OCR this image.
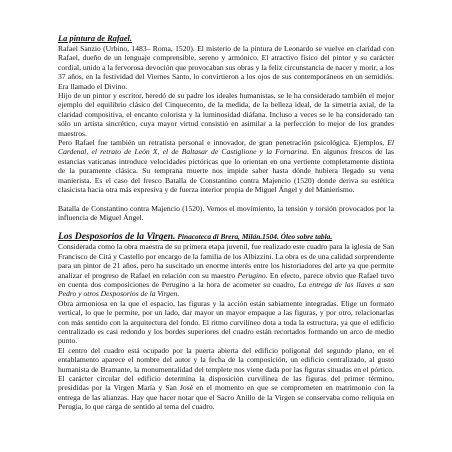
La pintura de Rafael.

Rafael Sanzio (Urbino, 1483– Roma, 1520). El misterio de la pintura de Leonardo se vuelve en claridad con Rafael, dueño de un lenguaje comprensible, sereno y armónico. El atractivo físico del pintor y su carácter cordial, unido a la fervorosa devoción que provocaban sus obras y la feliz circunstancia de nacer y morir, a los 37 años, en la festividad del Viernes Santo, lo convirtieron a los ojos de sus contemporáneos en un semidiós. Era llamado el Divino.

Hijo de un pintor y escritor, heredó de su padre los ideales humanistas, se le ha considerado también el mejor ejemplo del equilibrio clásico del Cinquecento, de la medida, de la belleza ideal, de la simetría axial, de la claridad compositiva, el encanto colorista y la luminosidad diáfana. Incluso a veces se le ha considerado tan sólo un artista sincrético, cuya mayor virtud consistió en asimilar a la perfección lo mejor de los grandes maestros.

Pero Rafael fue también un retratista personal e innovador, de gran penetración psicológica. Ejemplos, El Cardenal, el retrato de León X, el de Baltasar de Castiglione y la Fornarina. En algunos frescos de las estancias vaticanas introduce velocidades pictóricas que lo orientan en una vertiente completamente distinta de la puramente clásica. Su temprana muerte nos impide saber hasta dónde hubiera llegado su vena manierista. Es el caso del fresco Batalla de Constantino contra Majencio (1520) donde deriva su estética clasicista hacia otra más expresiva y de fuerza interior propia de Miguel Ángel y del Manierismo.

Batalla de Constantino contra Majencio (1520). Vemos el movimiento, la tensión y torsión provocados por la influencia de Miguel Ángel.

Los Desposorios de la Virgen. Pinacoteca di Brera, Milán.1504. Óleo sobre tabla.

Considerada como la obra maestra de su primera etapa juvenil, fue realizado este cuadro para la iglesia de San Francisco de Citá y Castello por encargo de la familia de los Albizzini. La obra es de una calidad sorprendente para un pintor de 21 años, pero ha suscitado un enorme interés entre los historiadores del arte ya que permite analizar el progreso de Rafael en relación con su maestro Perugino. En efecto, parece obvio que Rafael tuvo en cuenta dos composiciones de Perugino a la hora de acometer su cuadro, La entrega de las llaves a san Pedro y otros Desposorios de la Virgen.

Obra armoniosa en la que el espacio, las figuras y la acción están sabiamente integradas. Elige un formato vertical, lo que le permite, por un lado, dar mayor un mayor empaque a las figuras, y por otro, relacionarlas con más sentido con la arquitectura del fondo. El ritmo curvilíneo dota a toda la estructura, ya que el edificio centralizado es casi redondo y los bordes superiores del cuadro están recortados formando un arco de medio punto.

El centro del cuadro está ocupado por la puerta abierta del edificio poligonal del segundo plano, en el entablamento aparece el nombre del autor y la fecha de la composición, un edificio centralizado, al gusto humanista de Bramante, la monumentalidad del templete nos viene dada por las figuras situadas en el pórtico. El carácter circular del edificio determina la disposición curvilínea de las figuras del primer término, presididas por la Virgen María y San José en el momento en que se comprometen en matrimonio con la entrega de las alianzas. Hay que hacer notar que el Sacro Anillo de la Virgen se conservaba como reliquia en Perugia, lo que carga de sentido al tema del cuadro.
